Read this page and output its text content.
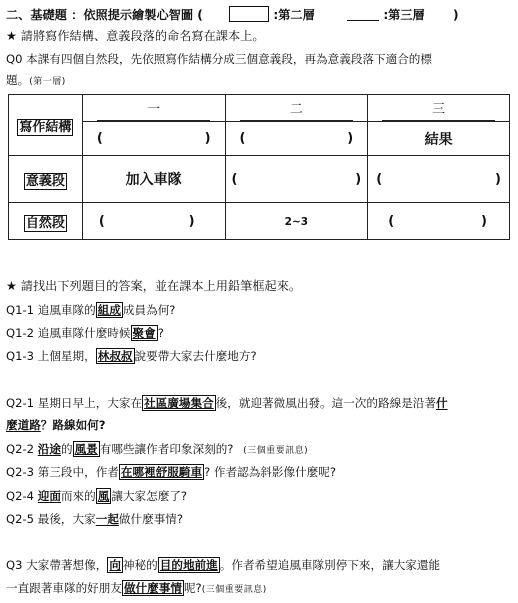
二、基礎題 ：依照提示繪製心智圖 (	:第二層	:第三層 )
★ 請將寫作結構、意義段落的命名寫在課本上。
Q0 本課有四個自然段，先依照寫作結構分成三個意義段，再為意義段落下適合的標
題。(第一層)
寫作結構	一	二	三

	( )	( )	結果
意義段	加入車隊	( )	( )

自然段	( )	2~3	( )
★ 請找出下列題目的答案，並在課本上用鉛筆框起來。
Q1-1 追風車隊的 組成 成員為何?
Q1-2 追風車隊什麼時候 聚會 ?
Q1-3 上個星期， 林叔叔 說要帶大家去什麼地方?
Q2-1 星期日早上，大家在 社區廣場集合 後，就迎著微風出發。這一次的路線是沿著什
麼道路？路線如何?
Q2-2 沿途的 風景 有哪些讓作者印象深刻的? (三個重要訊息)
Q2-3 第三段中，作者 在哪裡舒服騎車 ? 作者認為斜影像什麼呢?
Q2-4 迎面而來的 風 讓大家怎麼了?
Q2-5 最後，大家一起做什麼事情?
Q3 大家帶著想像， 向 神秘的 目的地前進 。作者希望追風車隊別停下來，讓大家還能
一直跟著車隊的好朋友 做什麼事情 呢?(三個重要訊息)
